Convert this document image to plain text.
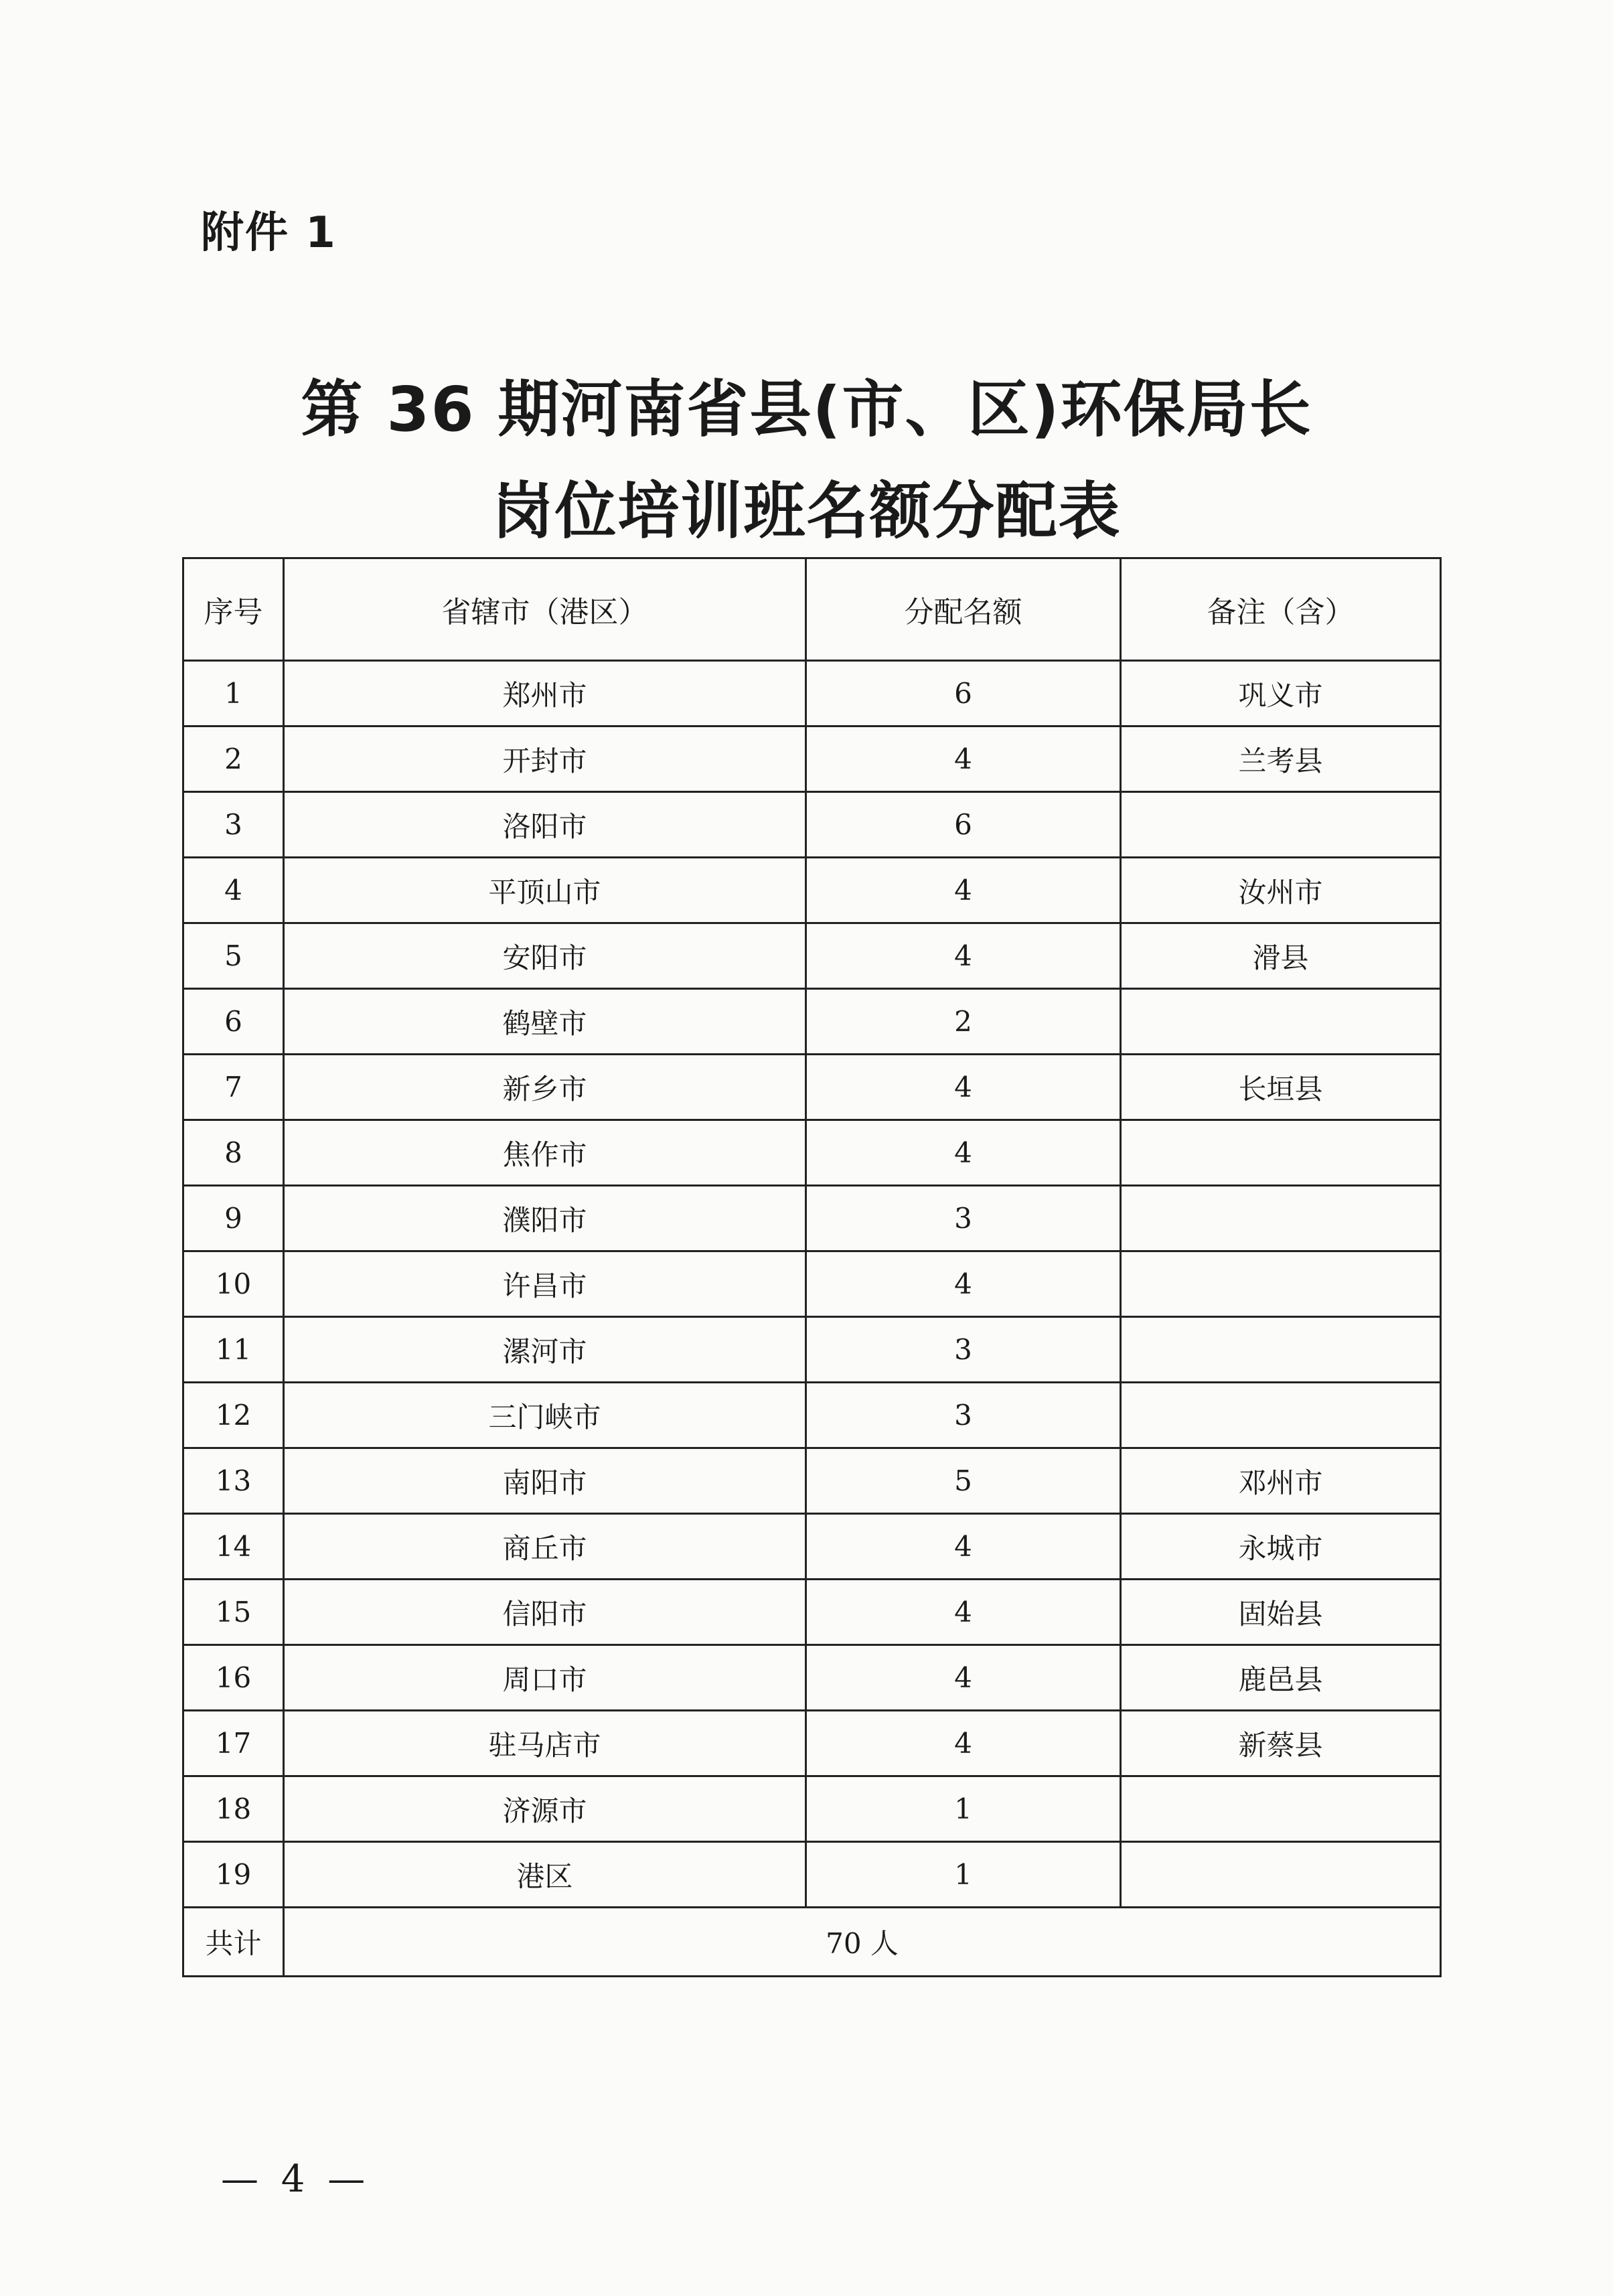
附件 1
第 36 期河南省县(市、区)环保局长
岗位培训班名额分配表
序号	省辖市（港区）	分配名额	备注（含）
1	郑州市	6	巩义市
2	开封市	4	兰考县
3	洛阳市	6	
4	平顶山市	4	汝州市
5	安阳市	4	滑县
6	鹤壁市	2	
7	新乡市	4	长垣县
8	焦作市	4	
9	濮阳市	3	
10	许昌市	4	
11	漯河市	3	
12	三门峡市	3	
13	南阳市	5	邓州市
14	商丘市	4	永城市
15	信阳市	4	固始县
16	周口市	4	鹿邑县
17	驻马店市	4	新蔡县
18	济源市	1	
19	港区	1	
共计	70 人		
— 4 —
